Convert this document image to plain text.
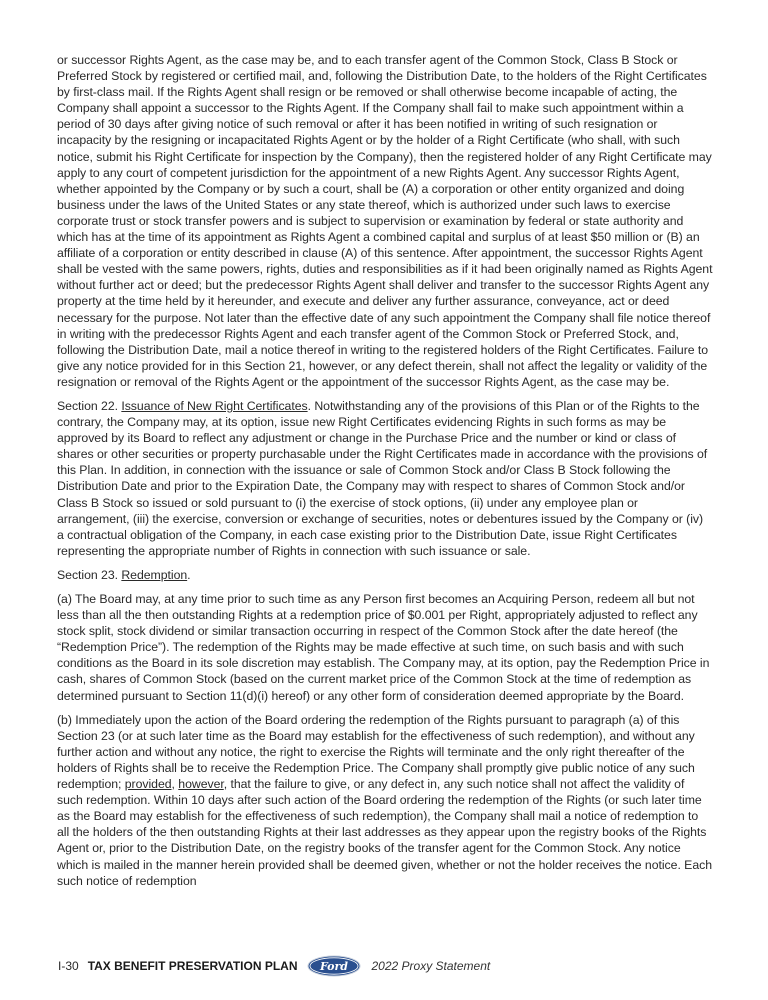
or successor Rights Agent, as the case may be, and to each transfer agent of the Common Stock, Class B Stock or Preferred Stock by registered or certified mail, and, following the Distribution Date, to the holders of the Right Certificates by first-class mail. If the Rights Agent shall resign or be removed or shall otherwise become incapable of acting, the Company shall appoint a successor to the Rights Agent. If the Company shall fail to make such appointment within a period of 30 days after giving notice of such removal or after it has been notified in writing of such resignation or incapacity by the resigning or incapacitated Rights Agent or by the holder of a Right Certificate (who shall, with such notice, submit his Right Certificate for inspection by the Company), then the registered holder of any Right Certificate may apply to any court of competent jurisdiction for the appointment of a new Rights Agent. Any successor Rights Agent, whether appointed by the Company or by such a court, shall be (A) a corporation or other entity organized and doing business under the laws of the United States or any state thereof, which is authorized under such laws to exercise corporate trust or stock transfer powers and is subject to supervision or examination by federal or state authority and which has at the time of its appointment as Rights Agent a combined capital and surplus of at least $50 million or (B) an affiliate of a corporation or entity described in clause (A) of this sentence. After appointment, the successor Rights Agent shall be vested with the same powers, rights, duties and responsibilities as if it had been originally named as Rights Agent without further act or deed; but the predecessor Rights Agent shall deliver and transfer to the successor Rights Agent any property at the time held by it hereunder, and execute and deliver any further assurance, conveyance, act or deed necessary for the purpose. Not later than the effective date of any such appointment the Company shall file notice thereof in writing with the predecessor Rights Agent and each transfer agent of the Common Stock or Preferred Stock, and, following the Distribution Date, mail a notice thereof in writing to the registered holders of the Right Certificates. Failure to give any notice provided for in this Section 21, however, or any defect therein, shall not affect the legality or validity of the resignation or removal of the Rights Agent or the appointment of the successor Rights Agent, as the case may be.

Section 22. Issuance of New Right Certificates. Notwithstanding any of the provisions of this Plan or of the Rights to the contrary, the Company may, at its option, issue new Right Certificates evidencing Rights in such forms as may be approved by its Board to reflect any adjustment or change in the Purchase Price and the number or kind or class of shares or other securities or property purchasable under the Right Certificates made in accordance with the provisions of this Plan. In addition, in connection with the issuance or sale of Common Stock and/or Class B Stock following the Distribution Date and prior to the Expiration Date, the Company may with respect to shares of Common Stock and/or Class B Stock so issued or sold pursuant to (i) the exercise of stock options, (ii) under any employee plan or arrangement, (iii) the exercise, conversion or exchange of securities, notes or debentures issued by the Company or (iv) a contractual obligation of the Company, in each case existing prior to the Distribution Date, issue Right Certificates representing the appropriate number of Rights in connection with such issuance or sale.

Section 23. Redemption.

(a) The Board may, at any time prior to such time as any Person first becomes an Acquiring Person, redeem all but not less than all the then outstanding Rights at a redemption price of $0.001 per Right, appropriately adjusted to reflect any stock split, stock dividend or similar transaction occurring in respect of the Common Stock after the date hereof (the “Redemption Price”). The redemption of the Rights may be made effective at such time, on such basis and with such conditions as the Board in its sole discretion may establish. The Company may, at its option, pay the Redemption Price in cash, shares of Common Stock (based on the current market price of the Common Stock at the time of redemption as determined pursuant to Section 11(d)(i) hereof) or any other form of consideration deemed appropriate by the Board.

(b) Immediately upon the action of the Board ordering the redemption of the Rights pursuant to paragraph (a) of this Section 23 (or at such later time as the Board may establish for the effectiveness of such redemption), and without any further action and without any notice, the right to exercise the Rights will terminate and the only right thereafter of the holders of Rights shall be to receive the Redemption Price. The Company shall promptly give public notice of any such redemption; provided, however, that the failure to give, or any defect in, any such notice shall not affect the validity of such redemption. Within 10 days after such action of the Board ordering the redemption of the Rights (or such later time as the Board may establish for the effectiveness of such redemption), the Company shall mail a notice of redemption to all the holders of the then outstanding Rights at their last addresses as they appear upon the registry books of the Rights Agent or, prior to the Distribution Date, on the registry books of the transfer agent for the Common Stock. Any notice which is mailed in the manner herein provided shall be deemed given, whether or not the holder receives the notice. Each such notice of redemption

I-30 TAX BENEFIT PRESERVATION PLAN Ford 2022 Proxy Statement
